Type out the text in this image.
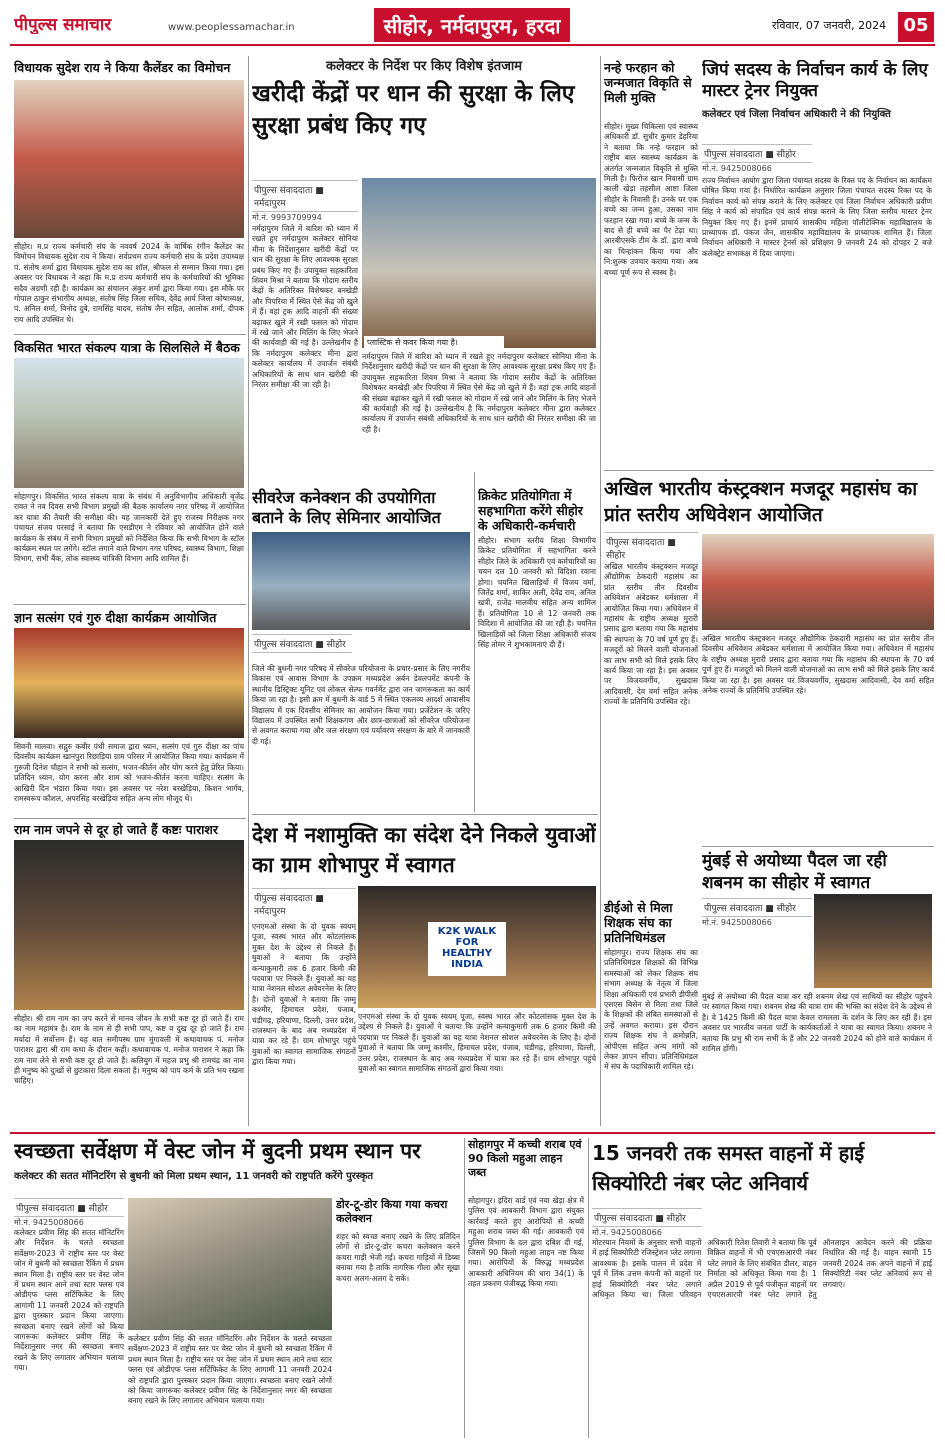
पीपुल्स समाचार	www.peoplessamachar.in	सीहोर, नर्मदापुरम, हरदा	रविवार, 07 जनवरी, 2024 05
विधायक सुदेश राय ने किया कैलेंडर का विमोचन
सीहोर। म.प्र राज्य कर्मचारी संघ के नववर्ष 2024 के वार्षिक रंगीन कैलेंडर का विमोचन विधायक सुदेश राय ने किया। सर्वप्रथम राज्य कर्मचारी संघ के प्रदेश उपाध्यक्ष पं. संतोष शर्मा द्वारा विधायक सुदेश राय का शॉल, श्रीफल से सम्मान किया गया। इस अवसर पर विधायक ने कहा कि म.प्र राज्य कर्मचारी संघ के कर्मचारियों की भूमिका सदैव अग्रणी रही है। कार्यक्रम का संचालन अंकुर शर्मा द्वारा किया गया। इस मौके पर गोपाल ठाकुर संभागीय अध्यक्ष, संतोष सिंह जिला सचिव, देवेंद्र आर्य जिला कोषाध्यक्ष, पं. अनिल शर्मा, विनोद दुबे, रामसिंह यादव, संतोष जैन सहित, आलोक शर्मा, दीपक राय आदि उपस्थित थे।
विकसित भारत संकल्प यात्रा के सिलसिले में बैठक
सोहागपुर। विकसित भारत संकल्प यात्रा के संबंध में अनुविभागीय अधिकारी बृजेंद्र रावत ने नव दिवस सभी विभाग प्रमुखों की बैठक कार्यालय नगर परिषद में आयोजित कर यात्रा की तैयारी की समीक्षा की। यह जानकारी देते हुए राजस्व निरीक्षक नगर पंचायत संजय परसाई ने बताया कि एसडीएम ने रविवार को आयोजित होने वाले कार्यक्रम के संबंध में सभी विभाग प्रमुखों को निर्देशित किया कि सभी विभाग के स्टॉल कार्यक्रम स्थल पर लगेंगे। स्टॉल लगाने वाले विभाग नगर परिषद, स्वास्थ्य विभाग, शिक्षा विभाग, सभी बैंक, लोक स्वास्थ्य यांत्रिकी विभाग आदि शामिल हैं।
ज्ञान सत्संग एवं गुरु दीक्षा कार्यक्रम आयोजित
सिवनी मालवा। सद्गुरु कबीर पंथी समाज द्वारा ध्यान, सत्संग एवं गुरु दीक्षा का पांच दिवसीय कार्यक्रम खानपुरा रिछाड़िया ग्राम परिसर में आयोजित किया गया। कार्यक्रम में गुरुजी दिनेश चौहान ने सभी को सत्संग, भजन-कीर्तन और योग करने हेतु प्रेरित किया। प्रतिदिन ध्यान, योग करना और शाम को भजन-कीर्तन करना चाहिए। सत्संग के आखिरी दिन भंडारा किया गया। इस अवसर पर नरेश बरखेड़िया, किशन भार्गव, रामस्वरूप कौशल, अपरसिंह बरखेड़िया सहित अन्य लोग मौजूद थे।
राम नाम जपने से दूर हो जाते हैं कष्टः पाराशर
सीहोर। श्री राम नाम का जप करने से मानव जीवन के सभी कष्ट दूर हो जाते हैं। राम का नाम महामंत्र है। राम के नाम से ही सभी पाप, कष्ट व दुख दूर हो जाते हैं। राम मर्यादा में सर्वोत्तम हैं। यह बात समीपस्थ ग्राम मुंगावली में कथावाचक पं. मनोज पाराशर द्वारा श्री राम कथा के दौरान कही। कथावाचक पं. मनोज पाराशर ने कहा कि राम नाम लेने से सभी कष्ट दूर हो जाते हैं। कलियुग में महज प्रभु श्री रामचंद्र का नाम ही मनुष्य को दुःखों से छुटकारा दिला सकता है। मनुष्य को पाप कर्म के प्रति भय रखना चाहिए।
कलेक्टर के निर्देश पर किए विशेष इंतजाम
खरीदी केंद्रों पर धान की सुरक्षा के लिए सुरक्षा प्रबंध किए गए
पीपुल्स संवाददाता ■ नर्मदापुरम
मो.नं. 9993709994
प्लास्टिक से कवर किया गया है।
नर्मदापुरम जिले में बारिश को ध्यान में रखते हुए नर्मदापुरम कलेक्टर सोनिया मीना के निर्देशानुसार खरीदी केंद्रों पर धान की सुरक्षा के लिए आवश्यक सुरक्षा प्रबंध किए गए हैं। उपायुक्त सहकारिता शिवम मिश्रा ने बताया कि गोदाम स्तरीय केंद्रों के अतिरिक्त विशेषकर बनखेड़ी और पिपरिया में स्थित ऐसे केंद्र जो खुले में हैं। वहां ट्रक आदि वाहनों की संख्या बढ़ाकर खुले में रखी फसल को गोदाम में रखे जाने और मिलिंग के लिए भेजने की कार्यवाही की गई है। उल्लेखनीय है कि नर्मदापुरम कलेक्टर मीना द्वारा कलेक्टर कार्यालय में उपार्जन संबंधी अधिकारियों के साथ धान खरीदी की निरंतर समीक्षा की जा रही है।
नर्मदापुरम जिले में बारिश को ध्यान में रखते हुए नर्मदापुरम कलेक्टर सोनिया मीना के निर्देशानुसार खरीदी केंद्रों पर धान की सुरक्षा के लिए आवश्यक सुरक्षा प्रबंध किए गए हैं। उपायुक्त सहकारिता शिवम मिश्रा ने बताया कि गोदाम स्तरीय केंद्रों के अतिरिक्त विशेषकर बनखेड़ी और पिपरिया में स्थित ऐसे केंद्र जो खुले में हैं। वहां ट्रक आदि वाहनों की संख्या बढ़ाकर खुले में रखी फसल को गोदाम में रखे जाने और मिलिंग के लिए भेजने की कार्यवाही की गई है। उल्लेखनीय है कि नर्मदापुरम कलेक्टर मीना द्वारा कलेक्टर कार्यालय में उपार्जन संबंधी अधिकारियों के साथ धान खरीदी की निरंतर समीक्षा की जा रही है।
सीवरेज कनेक्शन की उपयोगिता बताने के लिए सेमिनार आयोजित
पीपुल्स संवाददाता ■ सीहोर
जिले की बुधनी नगर परिषद में सीवरेज परियोजना के प्रचार-प्रसार के लिए नगरीय विकास एवं आवास विभाग के उपक्रम मध्यप्रदेश अर्बन डेवलपमेंट कंपनी के स्थानीय डिस्ट्रिक्ट यूनिट एवं लोकल सेल्फ गवर्नमेंट द्वारा जन जागरूकता का कार्य किया जा रहा है। इसी क्रम में बुधनी के वार्ड 5 में स्थित एकलव्य आदर्श आवासीय विद्यालय में एक दिवसीय सेमिनार का आयोजन किया गया। प्रजेंटेशन के जरिए विद्यालय में उपस्थित सभी शिक्षकगण और छात्र-छात्राओं को सीवरेज परियोजना से अवगत कराया गया और जल संरक्षण एवं पर्यावरण संरक्षण के बारे में जानकारी दी गई।
क्रिकेट प्रतियोगिता में सहभागिता करेंगे सीहोर के अधिकारी-कर्मचारी
सीहोर। संभाग स्तरीय शिक्षा विभागीय क्रिकेट प्रतियोगिता में सहभागिता करने सीहोर जिले के अधिकारी एवं कर्मचारियों का चयन दल 10 जनवरी को विदिशा रवाना होगा। चयनित खिलाड़ियों में विजय वर्मा, जितेंद्र शर्मा, शाकिर अली, देवेंद्र राय, अनिल खत्री, राजेंद्र मालवीय सहित अन्य शामिल हैं। प्रतियोगिता 10 से 12 जनवरी तक विदिशा में आयोजित की जा रही है। चयनित खिलाड़ियों को जिला शिक्षा अधिकारी संजय सिंह तोमर ने शुभकामनाएं दी हैं।
देश में नशामुक्ति का संदेश देने निकले युवाओं का ग्राम शोभापुर में स्वागत
पीपुल्स संवाददाता ■ नर्मदापुरम
K2K WALK FOR HEALTHY INDIA
एनएमओ संस्था के दो युवक स्वयम् पूजा, स्वस्थ भारत और कोटलांसक मुक्त देश के उद्देश्य से निकले हैं। युवाओं ने बताया कि उन्होंने कन्याकुमारी तक 6 हजार किमी की पदयात्रा पर निकले हैं। युवाओं का यह यात्रा नेशनल सोशल अवेयरनेस के लिए है। दोनों युवाओं ने बताया कि जम्मू कश्मीर, हिमाचल प्रदेश, पंजाब, चंडीगढ़, हरियाणा, दिल्ली, उत्तर प्रदेश, राजस्थान के बाद अब मध्यप्रदेश में यात्रा कर रहे हैं। ग्राम शोभापुर पहुंचे युवाओं का स्वागत सामाजिक संगठनों द्वारा किया गया।
एनएमओ संस्था के दो युवक स्वयम् पूजा, स्वस्थ भारत और कोटलांसक मुक्त देश के उद्देश्य से निकले हैं। युवाओं ने बताया कि उन्होंने कन्याकुमारी तक 6 हजार किमी की पदयात्रा पर निकले हैं। युवाओं का यह यात्रा नेशनल सोशल अवेयरनेस के लिए है। दोनों युवाओं ने बताया कि जम्मू कश्मीर, हिमाचल प्रदेश, पंजाब, चंडीगढ़, हरियाणा, दिल्ली, उत्तर प्रदेश, राजस्थान के बाद अब मध्यप्रदेश में यात्रा कर रहे हैं। ग्राम शोभापुर पहुंचे युवाओं का स्वागत सामाजिक संगठनों द्वारा किया गया।
नन्हे फरहान को जन्मजात विकृति से मिली मुक्ति
सीहोर। मुख्य चिकित्सा एवं स्वास्थ्य अधिकारी डॉ. सुधीर कुमार डेहरिया ने बताया कि नन्हे फरहान को राष्ट्रीय बाल स्वास्थ्य कार्यक्रम के अंतर्गत जन्मजात विकृति से मुक्ति मिली है। फिरोज खान निवासी ग्राम काली खेड़ा तहसील आष्टा जिला सीहोर के निवासी हैं। उनके घर एक बच्चे का जन्म हुआ, उसका नाम फरहान रखा गया। बच्चे के जन्म के बाद से ही बच्चे का पैर टेढ़ा था। आरबीएसके टीम के डॉ. द्वारा बच्चे का चिन्हांकन किया गया और नि:शुल्क उपचार कराया गया। अब बच्चा पूर्ण रूप से स्वस्थ है।
डीईओ से मिला शिक्षक संघ का प्रतिनिधिमंडल
सोहागपुर। राज्य शिक्षक संघ का प्रतिनिधिमंडल शिक्षकों की विभिन्न समस्याओं को लेकर शिक्षक संघ संभाग अध्यक्ष के नेतृत्व में जिला शिक्षा अधिकारी एवं प्रभारी डीपीसी एसएस बिसेन से मिला तथा जिले के शिक्षकों की लंबित समस्याओं से उन्हें अवगत कराया। इस दौरान राज्य शिक्षक संघ ने क्रमोन्नति, ओपीएस सहित अन्य मांगों को लेकर ज्ञापन सौंपा। प्रतिनिधिमंडल में संघ के पदाधिकारी शामिल रहे।
जिपं सदस्य के निर्वाचन कार्य के लिए मास्टर ट्रेनर नियुक्त
कलेक्टर एवं जिला निर्वाचन अधिकारी ने की नियुक्ति
पीपुल्स संवाददाता ■ सीहोर
मो.नं. 9425008066
राज्य निर्वाचन आयोग द्वारा जिला पंचायत सदस्य के रिक्त पद के निर्वाचन का कार्यक्रम घोषित किया गया है। निर्धारित कार्यक्रम अनुसार जिला पंचायत सदस्य रिक्त पद के निर्वाचन कार्य को संपन्न कराने के लिए कलेक्टर एवं जिला निर्वाचन अधिकारी प्रवीण सिंह ने कार्य को संपादित एवं कार्य संपन्न कराने के लिए जिला स्तरीय मास्टर ट्रेनर नियुक्त किए गए हैं। इनमें प्राचार्य शासकीय महिला पॉलीटेक्निक महाविद्यालय के प्राध्यापक डॉ. पंकज जैन, शासकीय महाविद्यालय के प्राध्यापक शामिल हैं। जिला निर्वाचन अधिकारी ने मास्टर ट्रेनर्स को प्रशिक्षण 9 जनवरी 24 को दोपहर 2 बजे कलेक्ट्रेट सभाकक्ष में दिया जाएगा।
अखिल भारतीय कंस्ट्रक्शन मजदूर महासंघ का प्रांत स्तरीय अधिवेशन आयोजित
पीपुल्स संवाददाता ■ सीहोर
अखिल भारतीय कंस्ट्रक्शन मजदूर औद्योगिक ठेकदारी महासंघ का प्रांत स्तरीय तीन दिवसीय अधिवेशन अंबेडकर धर्मशाला में आयोजित किया गया। अधिवेशन में महासंघ के राष्ट्रीय अध्यक्ष मुरारी प्रसाद द्वारा बताया गया कि महासंघ की स्थापना के 70 वर्ष पूर्ण हुए हैं। मजदूरों को मिलने वाली योजनाओं का लाभ सभी को मिले इसके लिए कार्य किया जा रहा है। इस अवसर पर विजयवर्गीय, सुखदास आदिवासी, देव वर्मा सहित अनेक राज्यों के प्रतिनिधि उपस्थित रहे।
अखिल भारतीय कंस्ट्रक्शन मजदूर औद्योगिक ठेकदारी महासंघ का प्रांत स्तरीय तीन दिवसीय अधिवेशन अंबेडकर धर्मशाला में आयोजित किया गया। अधिवेशन में महासंघ के राष्ट्रीय अध्यक्ष मुरारी प्रसाद द्वारा बताया गया कि महासंघ की स्थापना के 70 वर्ष पूर्ण हुए हैं। मजदूरों को मिलने वाली योजनाओं का लाभ सभी को मिले इसके लिए कार्य किया जा रहा है। इस अवसर पर विजयवर्गीय, सुखदास आदिवासी, देव वर्मा सहित अनेक राज्यों के प्रतिनिधि उपस्थित रहे।
मुंबई से अयोध्या पैदल जा रही शबनम का सीहोर में स्वागत
पीपुल्स संवाददाता ■ सीहोर
मो.नं. 9425008066
मुंबई से अयोध्या की पैदल यात्रा कर रही शबनम शेख एवं साथियों का सीहोर पहुंचने पर स्वागत किया गया। शबनम शेख की यात्रा राम की भक्ति का संदेश देने के उद्देश्य से है। वे 1425 किमी की पैदल यात्रा केवल रामलला के दर्शन के लिए कर रही हैं। इस अवसर पर भारतीय जनता पार्टी के कार्यकर्ताओं ने यात्रा का स्वागत किया। शबनम ने बताया कि प्रभु श्री राम सभी के हैं और 22 जनवरी 2024 को होने वाले कार्यक्रम में शामिल होंगी।
स्वच्छता सर्वेक्षण में वेस्ट जोन में बुदनी प्रथम स्थान पर
कलेक्टर की सतत मॉनिटरिंग से बुधनी को मिला प्रथम स्थान, 11 जनवरी को राष्ट्रपति करेंगे पुरस्कृत
पीपुल्स संवाददाता ■ सीहोर
मो.नं. 9425008066
कलेक्टर प्रवीण सिंह की सतत मॉनिटरिंग और निर्देशन के चलते स्वच्छता सर्वेक्षण-2023 में राष्ट्रीय स्तर पर वेस्ट जोन में बुधनी को स्वच्छता रैंकिंग में प्रथम स्थान मिला है। राष्ट्रीय स्तर पर वेस्ट जोन में प्रथम स्थान आने तथा स्टार फ्लस एवं ओडीएफ प्लस सर्टिफिकेट के लिए आगामी 11 जनवरी 2024 को राष्ट्रपति द्वारा पुरस्कार प्रदान किया जाएगा। स्वच्छता बनाए रखने लोगों को किया जागरूकः कलेक्टर प्रवीण सिंह के निर्देशानुसार नगर की स्वच्छता बनाए रखने के लिए लगातार अभियान चलाया गया।
कलेक्टर प्रवीण सिंह की सतत मॉनिटरिंग और निर्देशन के चलते स्वच्छता सर्वेक्षण-2023 में राष्ट्रीय स्तर पर वेस्ट जोन में बुधनी को स्वच्छता रैंकिंग में प्रथम स्थान मिला है। राष्ट्रीय स्तर पर वेस्ट जोन में प्रथम स्थान आने तथा स्टार फ्लस एवं ओडीएफ प्लस सर्टिफिकेट के लिए आगामी 11 जनवरी 2024 को राष्ट्रपति द्वारा पुरस्कार प्रदान किया जाएगा। स्वच्छता बनाए रखने लोगों को किया जागरूकः कलेक्टर प्रवीण सिंह के निर्देशानुसार नगर की स्वच्छता बनाए रखने के लिए लगातार अभियान चलाया गया।
डोर-टू-डोर किया गया कचरा कलेक्शन
शहर को स्वच्छ बनाए रखने के लिए प्रतिदिन लोगों से डोर-टू-डोर कचरा कलेक्शन करने कचरा गाड़ी भेजी गई। कचरा गाड़ियों में डिब्बा बनाया गया है ताकि नागरिक गीला और सूखा कचरा अलग-अलग दे सकें।
सोहागपुर में कच्ची शराब एवं 90 किलो महुआ लाहन जब्त
सोहागपुर। इंदिरा वार्ड एवं नया खेड़ा क्षेत्र में पुलिस एवं आबकारी विभाग द्वारा संयुक्त कार्रवाई करते हुए आरोपियों से कच्ची महुआ शराब जब्त की गई। आबकारी एवं पुलिस विभाग के दल द्वारा दबिश दी गई, जिसमें 90 किलो महुआ लाहन नष्ट किया गया। आरोपियों के विरुद्ध मध्यप्रदेश आबकारी अधिनियम की धारा 34(1) के तहत प्रकरण पंजीबद्ध किया गया।
15 जनवरी तक समस्त वाहनों में हाई सिक्योरिटी नंबर प्लेट अनिवार्य
पीपुल्स संवाददाता ■ सीहोर
मो.नं. 9425008066
मोटरयान नियमों के अनुसार सभी वाहनों में हाई सिक्योरिटी रजिस्ट्रेशन प्लेट लगाना आवश्यक है। इसके पालन में प्रदेश में पूर्व में लिंक उत्तम कंपनी को वाहनों पर हाई सिक्योरिटी नंबर प्लेट लगाने अधिकृत किया था। जिला परिवहन अधिकारी रितेश तिवारी ने बताया कि पूर्व विक्रित वाहनों में भी एचएसआरपी नंबर प्लेट लगाने के लिए संबंधित डीलर, वाहन निर्माता को अधिकृत किया गया है। 1 अप्रैल 2019 से पूर्व पंजीकृत वाहनों पर एचएसआरपी नंबर प्लेट लगाने हेतु ऑनलाइन आवेदन करने की प्रक्रिया निर्धारित की गई है। वाहन स्वामी 15 जनवरी 2024 तक अपने वाहनों में हाई सिक्योरिटी नंबर प्लेट अनिवार्य रूप से लगवाएं।
